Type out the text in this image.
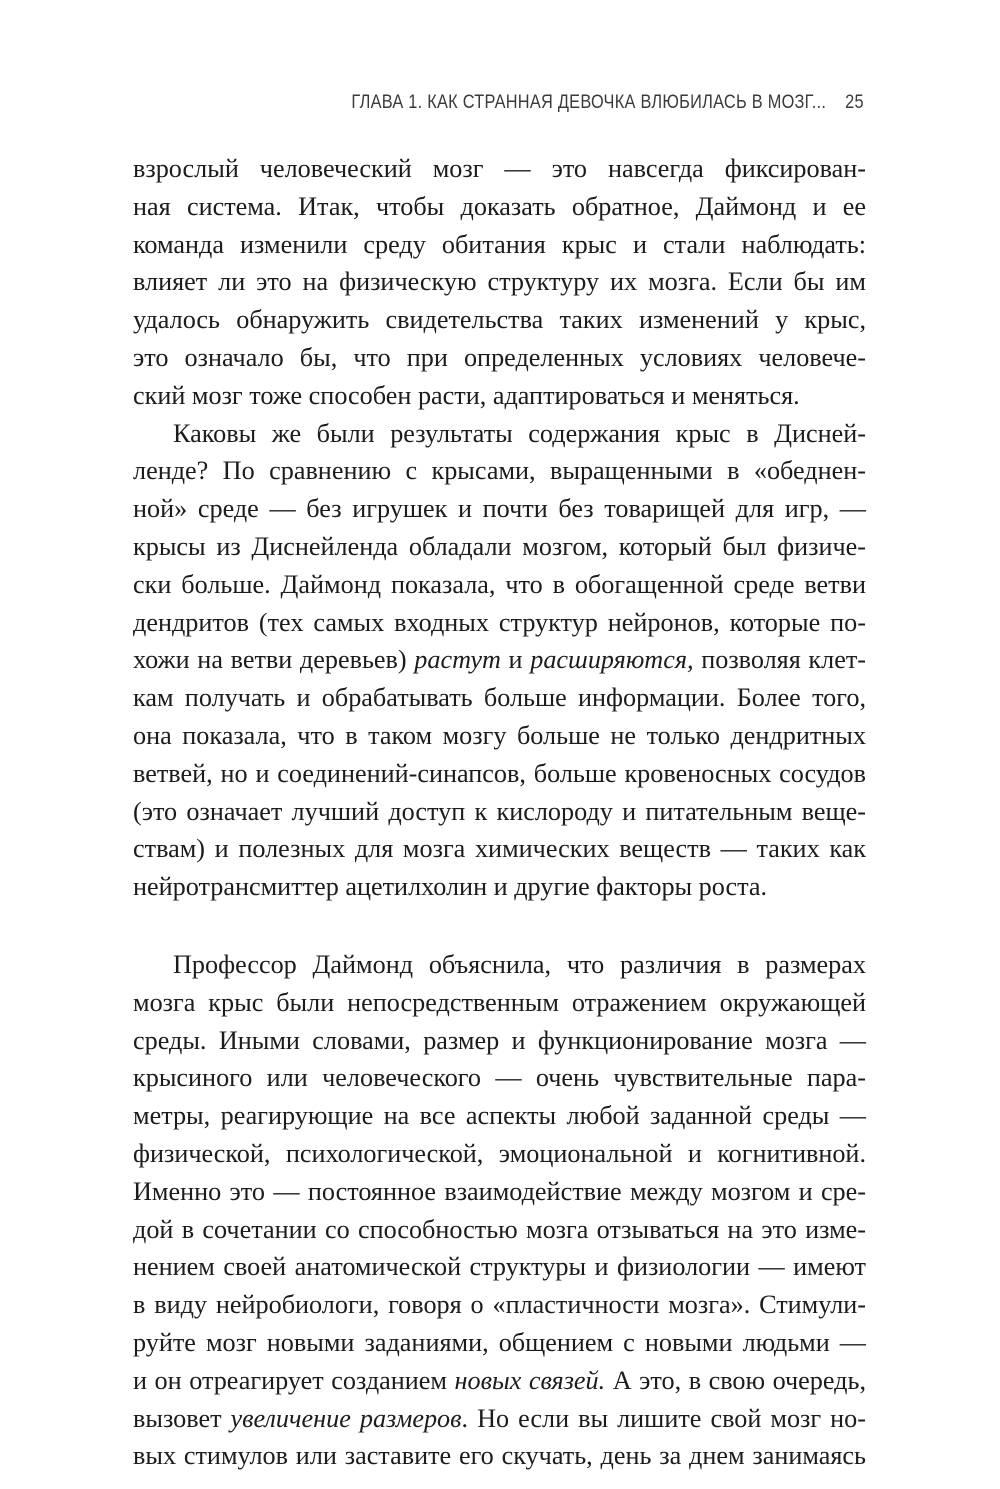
ГЛАВА 1. КАК СТРАННАЯ ДЕВОЧКА ВЛЮБИЛАСЬ В МОЗГ... 25

взрослый человеческий мозг — это навсегда фиксирован-
ная система. Итак, чтобы доказать обратное, Даймонд и ее
команда изменили среду обитания крыс и стали наблюдать:
влияет ли это на физическую структуру их мозга. Если бы им
удалось обнаружить свидетельства таких изменений у крыс,
это означало бы, что при определенных условиях человече-
ский мозг тоже способен расти, адаптироваться и меняться.

Каковы же были результаты содержания крыс в Дисней-
ленде? По сравнению с крысами, выращенными в «обеднен-
ной» среде — без игрушек и почти без товарищей для игр, —
крысы из Диснейленда обладали мозгом, который был физиче-
ски больше. Даймонд показала, что в обогащенной среде ветви
дендритов (тех самых входных структур нейронов, которые по-
хожи на ветви деревьев) растут и расширяются, позволяя клет-
кам получать и обрабатывать больше информации. Более того,
она показала, что в таком мозгу больше не только дендритных
ветвей, но и соединений-синапсов, больше кровеносных сосудов
(это означает лучший доступ к кислороду и питательным веще-
ствам) и полезных для мозга химических веществ — таких как
нейротрансмиттер ацетилхолин и другие факторы роста.

Профессор Даймонд объяснила, что различия в размерах
мозга крыс были непосредственным отражением окружающей
среды. Иными словами, размер и функционирование мозга —
крысиного или человеческого — очень чувствительные пара-
метры, реагирующие на все аспекты любой заданной среды —
физической, психологической, эмоциональной и когнитивной.
Именно это — постоянное взаимодействие между мозгом и сре-
дой в сочетании со способностью мозга отзываться на это изме-
нением своей анатомической структуры и физиологии — имеют
в виду нейробиологи, говоря о «пластичности мозга». Стимули-
руйте мозг новыми заданиями, общением с новыми людьми —
и он отреагирует созданием новых связей. А это, в свою очередь,
вызовет увеличение размеров. Но если вы лишите свой мозг но-
вых стимулов или заставите его скучать, день за днем занимаясь
